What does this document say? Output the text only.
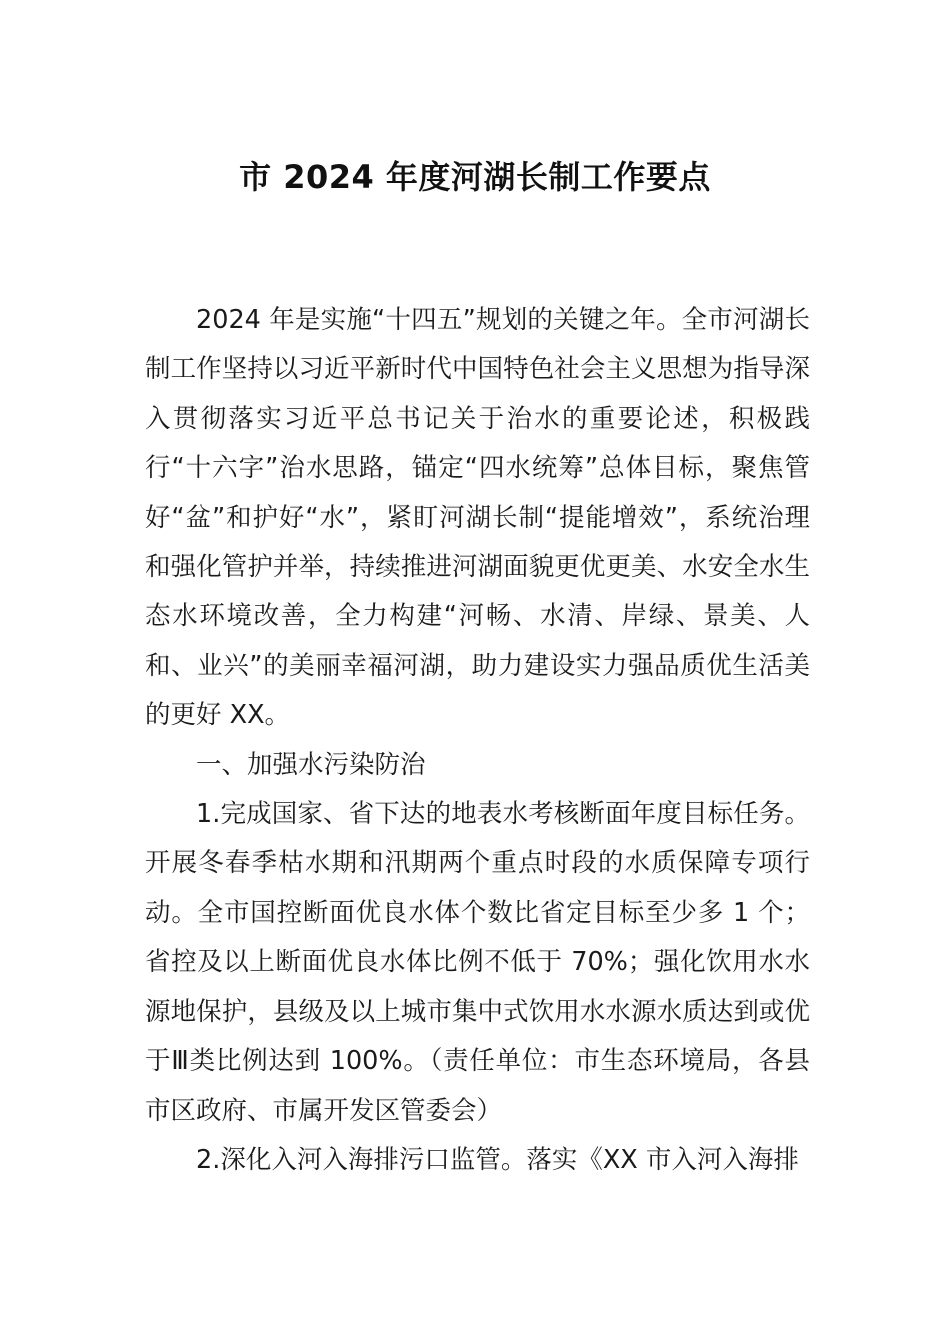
市 2024 年度河湖长制工作要点

2024 年是实施“十四五”规划的关键之年。全市河湖长制工作坚持以习近平新时代中国特色社会主义思想为指导深入贯彻落实习近平总书记关于治水的重要论述，积极践行“十六字”治水思路，锚定“四水统筹”总体目标，聚焦管好“盆”和护好“水”，紧盯河湖长制“提能增效”，系统治理和强化管护并举，持续推进河湖面貌更优更美、水安全水生态水环境改善，全力构建“河畅、水清、岸绿、景美、人和、业兴”的美丽幸福河湖，助力建设实力强品质优生活美的更好 XX。

一、加强水污染防治

1.完成国家、省下达的地表水考核断面年度目标任务。开展冬春季枯水期和汛期两个重点时段的水质保障专项行动。全市国控断面优良水体个数比省定目标至少多 1 个；省控及以上断面优良水体比例不低于 70%；强化饮用水水源地保护，县级及以上城市集中式饮用水水源水质达到或优于Ⅲ类比例达到 100%。（责任单位：市生态环境局，各县市区政府、市属开发区管委会）

2.深化入河入海排污口监管。落实《XX 市入河入海排
